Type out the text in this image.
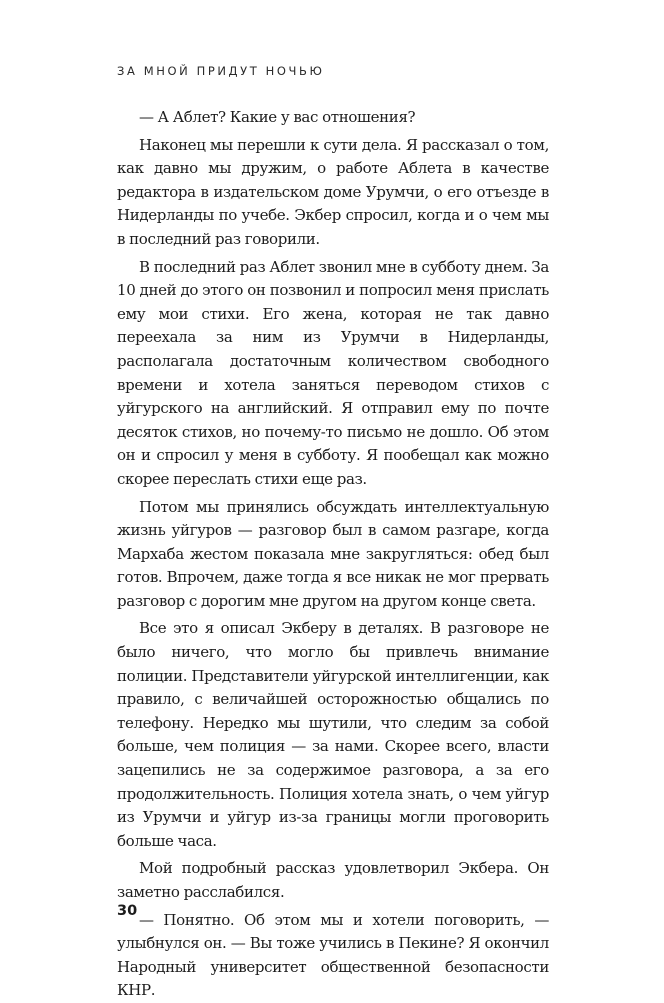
ЗА МНОЙ ПРИДУТ НОЧЬЮ

— А Аблет? Какие у вас отношения?

Наконец мы перешли к сути дела. Я рассказал о том, как давно мы дружим, о работе Аблета в качестве редактора в издательском доме Урумчи, о его отъезде в Нидерланды по учебе. Экбер спросил, когда и о чем мы в последний раз говорили.

В последний раз Аблет звонил мне в субботу днем. За 10 дней до этого он позвонил и попросил меня прислать ему мои стихи. Его жена, которая не так давно переехала за ним из Урумчи в Нидерланды, располагала достаточным количеством свободного времени и хотела заняться переводом стихов с уйгурского на английский. Я отправил ему по почте десяток стихов, но почему-то письмо не дошло. Об этом он и спросил у меня в субботу. Я пообещал как можно скорее переслать стихи еще раз.

Потом мы принялись обсуждать интеллектуальную жизнь уйгуров — разговор был в самом разгаре, когда Мархаба жестом показала мне закругляться: обед был готов. Впрочем, даже тогда я все никак не мог прервать разговор с дорогим мне другом на другом конце света.

Все это я описал Экберу в деталях. В разговоре не было ничего, что могло бы привлечь внимание полиции. Представители уйгурской интеллигенции, как правило, с величайшей осторожностью общались по телефону. Нередко мы шутили, что следим за собой больше, чем полиция — за нами. Скорее всего, власти зацепились не за содержимое разговора, а за его продолжительность. Полиция хотела знать, о чем уйгур из Урумчи и уйгур из-за границы могли проговорить больше часа.

Мой подробный рассказ удовлетворил Экбера. Он заметно расслабился.

— Понятно. Об этом мы и хотели поговорить, — улыбнулся он. — Вы тоже учились в Пекине? Я окончил Народный университет общественной безопасности КНР.

30
